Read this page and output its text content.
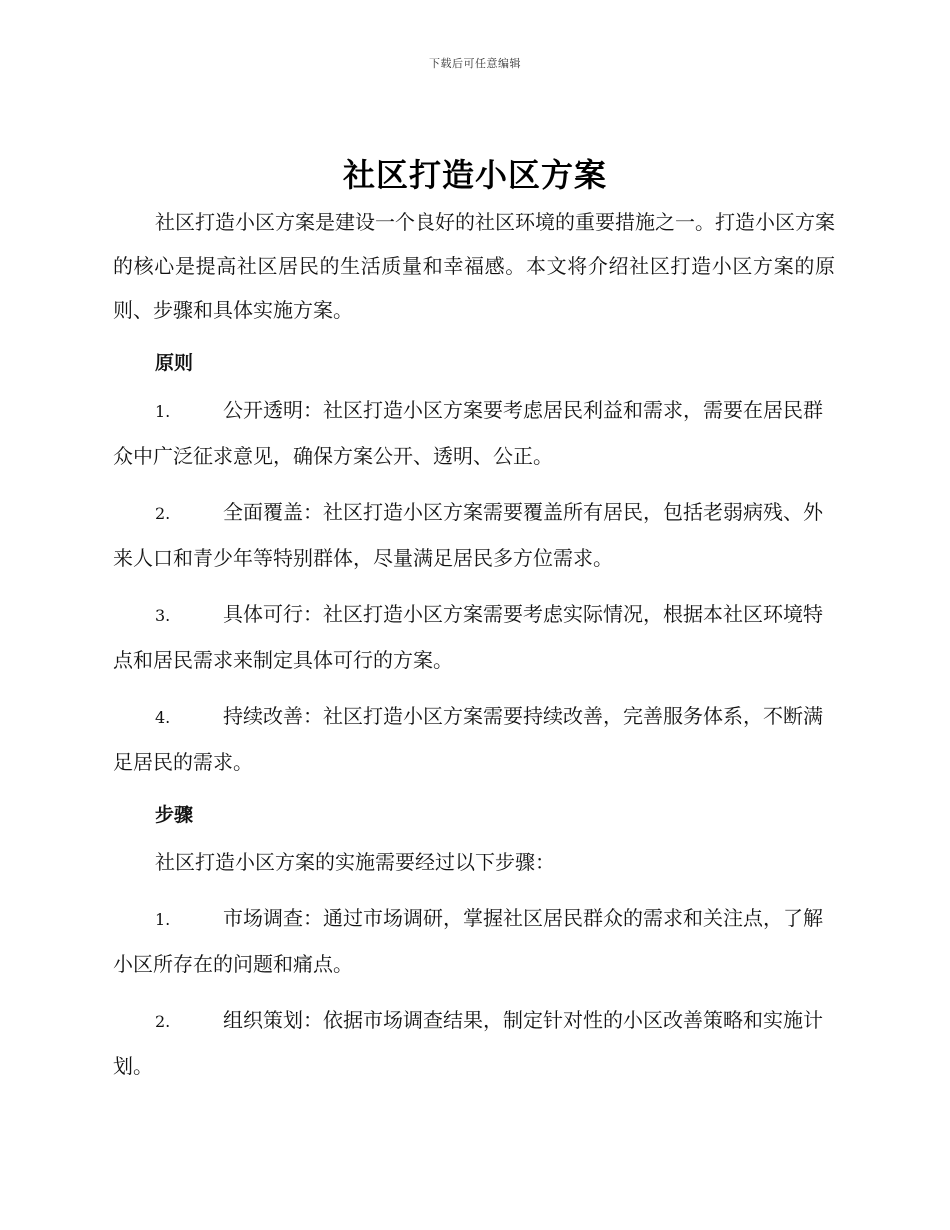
下载后可任意编辑
社区打造小区方案

社区打造小区方案是建设一个良好的社区环境的重要措施之一。打造小区方案的核心是提高社区居民的生活质量和幸福感。本文将介绍社区打造小区方案的原则、步骤和具体实施方案。

原则

1.	公开透明：社区打造小区方案要考虑居民利益和需求，需要在居民群众中广泛征求意见，确保方案公开、透明、公正。

2.	全面覆盖：社区打造小区方案需要覆盖所有居民，包括老弱病残、外来人口和青少年等特别群体，尽量满足居民多方位需求。

3.	具体可行：社区打造小区方案需要考虑实际情况，根据本社区环境特点和居民需求来制定具体可行的方案。

4.	持续改善：社区打造小区方案需要持续改善，完善服务体系，不断满足居民的需求。

步骤

社区打造小区方案的实施需要经过以下步骤：

1.	市场调查：通过市场调研，掌握社区居民群众的需求和关注点，了解小区所存在的问题和痛点。

2.	组织策划：依据市场调查结果，制定针对性的小区改善策略和实施计划。
